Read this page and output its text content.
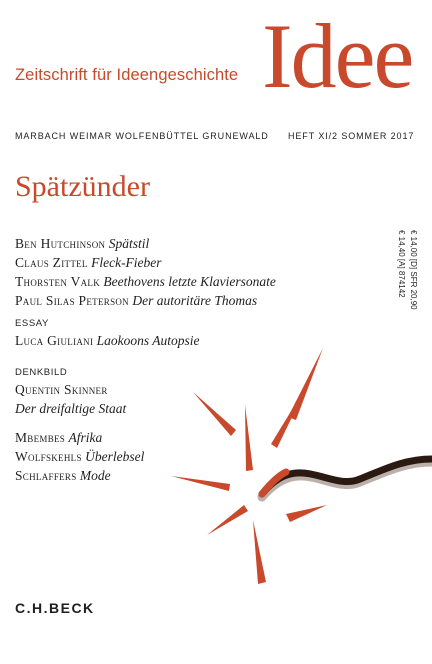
Zeitschrift für Ideengeschichte Idee
MARBACH WEIMAR WOLFENBÜTTEL GRUNEWALD HEFT XI/2 SOMMER 2017
Spätzünder
Ben Hutchinson Spätstil
Claus Zittel Fleck-Fieber
Thorsten Valk Beethovens letzte Klaviersonate
Paul Silas Peterson Der autoritäre Thomas
ESSAY
Luca Giuliani Laokoons Autopsie
DENKBILD
Quentin Skinner
Der dreifaltige Staat
Mbembes Afrika
Wolfskehls Überlebsel
Schlaffers Mode
€ 14,00 [D] SFR 20,90
€ 14,40 [A] 874142
C.H.BECK
